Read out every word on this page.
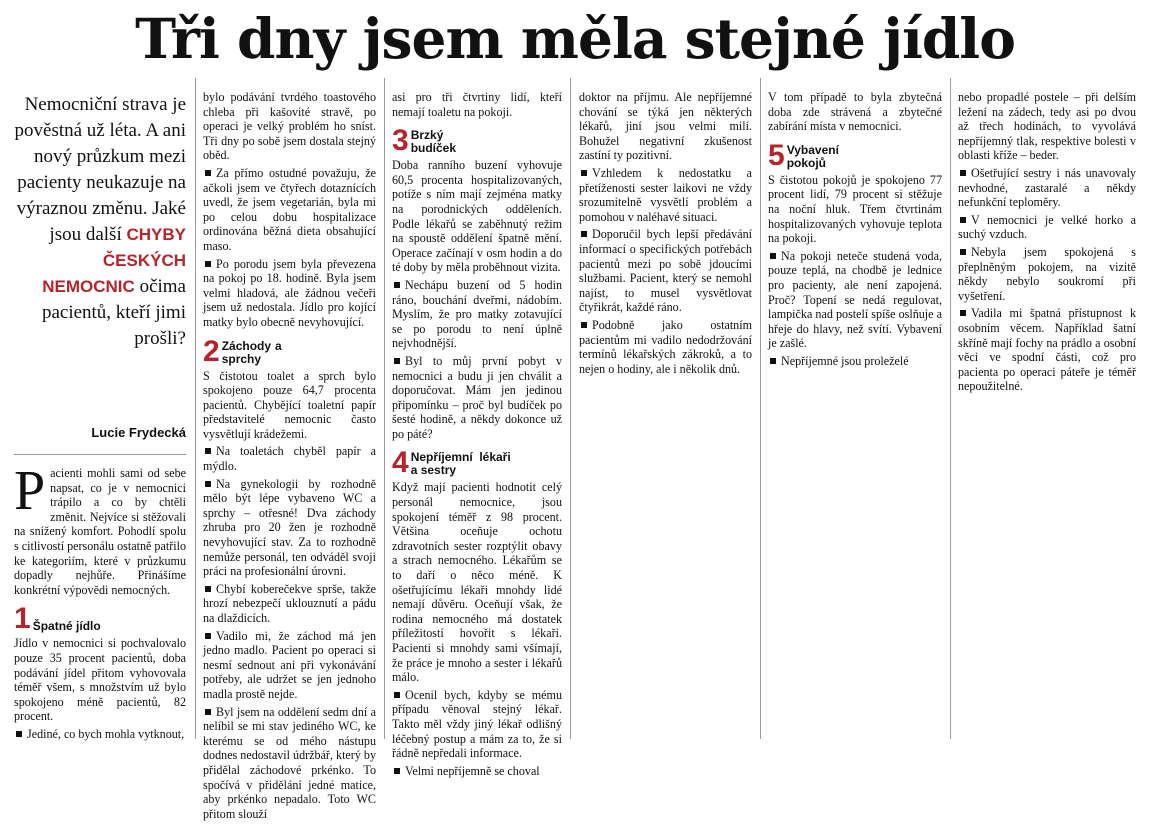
Tři dny jsem měla stejné jídlo
Nemocniční strava je pověstná už léta. A ani nový průzkum mezi pacienty neukazuje na výraznou změnu. Jaké jsou další CHYBY ČESKÝCH NEMOCNIC očima pacientů, kteří jimi prošli?
Lucie Frydecká

Pacienti mohli sami od sebe napsat, co je v nemocnici trápilo a co by chtěli změnit. Nejvíce si stěžovali na snížený komfort. Pohodlí spolu s citlivostí personálu ostatně patřilo ke kategoriím, které v průzkumu dopadly nejhůře. Přinášíme konkrétní výpovědi nemocných.

1 Špatné jídlo

Jídlo v nemocnici si pochvalovalo pouze 35 procent pacientů, doba podávání jídel přitom vyhovovala téměř všem, s množstvím už bylo spokojeno méně pacientů, 82 procent.

Jediné, co bych mohla vytknout,

bylo podávání tvrdého toastového chleba při kašovité stravě, po operaci je velký problém ho sníst. Tři dny po sobě jsem dostala stejný oběd.

Za přímo ostudné považuju, že ačkoli jsem ve čtyřech dotaznících uvedl, že jsem vegetarián, byla mi po celou dobu hospitalizace ordinována běžná dieta obsahující maso.

Po porodu jsem byla převezena na pokoj po 18. hodině. Byla jsem velmi hladová, ale žádnou večeři jsem už nedostala. Jídlo pro kojící matky bylo obecně nevyhovující.

2 Záchody a sprchy

S čistotou toalet a sprch bylo spokojeno pouze 64,7 procenta pacientů. Chybějící toaletní papír představitelé nemocnic často vysvětlují krádežemi.

Na toaletách chyběl papír a mýdlo.

Na gynekologii by rozhodně mělo být lépe vybaveno WC a sprchy – otřesné! Dva záchody zhruba pro 20 žen je rozhodně nevyhovující stav. Za to rozhodně nemůže personál, ten odváděl svoji práci na profesionální úrovni.

Chybí koberečekve sprše, takže hrozí nebezpečí uklouznutí a pádu na dlaždicích.

Vadilo mi, že záchod má jen jedno madlo. Pacient po operaci si nesmí sednout ani při vykonávání potřeby, ale udržet se jen jednoho madla prostě nejde.

Byl jsem na oddělení sedm dní a nelíbil se mi stav jediného WC, ke kterému se od mého nástupu dodnes nedostavil údržbář, který by přidělal záchodové prkénko. To spočívá v přidělání jedné matice, aby prkénko nepadalo. Toto WC přitom slouží

asi pro tři čtvrtiny lidí, kteří nemají toaletu na pokoji.

3 Brzký budíček

Doba ranního buzení vyhovuje 60,5 procenta hospitalizovaných, potíže s ním mají zejména matky na porodnických odděleních. Podle lékařů se zaběhnutý režim na spoustě oddělení špatně mění. Operace začínají v osm hodin a do té doby by měla proběhnout vizita.

Nechápu buzení od 5 hodin ráno, bouchání dveřmi, nádobím. Myslím, že pro matky zotavující se po porodu to není úplně nejvhodnější.

Byl to můj první pobyt v nemocnici a budu ji jen chválit a doporučovat. Mám jen jedinou připomínku – proč byl budíček po šesté hodině, a někdy dokonce už po páté?

4 Nepříjemní lékaři a sestry

Když mají pacienti hodnotit celý personál nemocnice, jsou spokojení téměř z 98 procent. Většina oceňuje ochotu zdravotních sester rozptýlit obavy a strach nemocného. Lékařům se to daří o něco méně. K ošetřujícímu lékaři mnohdy lidé nemají důvěru. Oceňují však, že rodina nemocného má dostatek příležitostí hovořit s lékaři. Pacienti si mnohdy sami všímají, že práce je mnoho a sester i lékařů málo.

Ocenil bych, kdyby se mému případu věnoval stejný lékař. Takto měl vždy jiný lékař odlišný léčebný postup a mám za to, že si řádně nepředali informace.

Velmi nepříjemně se choval

doktor na příjmu. Ale nepříjemné chování se týká jen některých lékařů, jiní jsou velmi milí. Bohužel negativní zkušenost zastíní ty pozitivní.

Vzhledem k nedostatku a přetíženosti sester laikovi ne vždy srozumitelně vysvětlí problém a pomohou v naléhavé situaci.

Doporučil bych lepší předávání informací o specifických potřebách pacientů mezi po sobě jdoucími službami. Pacient, který se nemohl najíst, to musel vysvětlovat čtyřikrát, každé ráno.

Podobně jako ostatním pacientům mi vadilo nedodržování termínů lékařských zákroků, a to nejen o hodiny, ale i několik dnů.

V tom případě to byla zbytečná doba zde strávená a zbytečné zabírání místa v nemocnici.

5 Vybavení pokojů

S čistotou pokojů je spokojeno 77 procent lidí, 79 procent si stěžuje na noční hluk. Třem čtvrtinám hospitalizovaných vyhovuje teplota na pokoji.

Na pokoji neteče studená voda, pouze teplá, na chodbě je lednice pro pacienty, ale není zapojená. Proč? Topení se nedá regulovat, lampička nad postelí spíše oslňuje a hřeje do hlavy, než svítí. Vybavení je zašlé.

Nepříjemné jsou proleželé

nebo propadlé postele – při delším ležení na zádech, tedy asi po dvou až třech hodinách, to vyvolává nepříjemný tlak, respektive bolesti v oblasti kříže – beder.

Ošetřující sestry i nás unavovaly nevhodné, zastaralé a někdy nefunkční teploměry.

V nemocnici je velké horko a suchý vzduch.

Nebyla jsem spokojená s přeplněným pokojem, na vizitě někdy nebylo soukromí při vyšetření.

Vadila mi špatná přístupnost k osobním věcem. Například šatní skříně mají fochy na prádlo a osobní věci ve spodní části, což pro pacienta po operaci páteře je téměř nepoužitelné.
